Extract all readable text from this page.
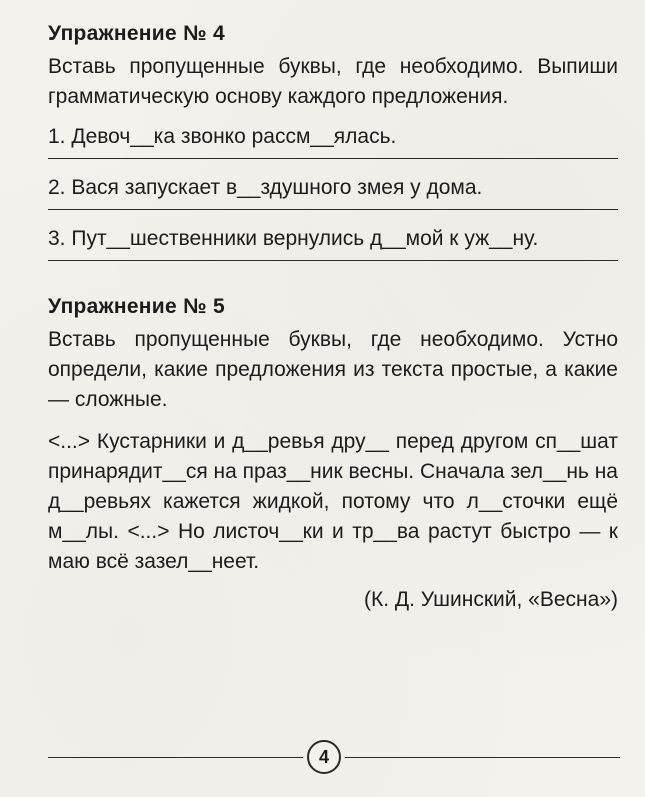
Упражнение № 4

Вставь пропущенные буквы, где необходимо. Выпиши грамматическую основу каждого предложения.

1. Девоч__ка звонко рассм__ялась.

2. Вася запускает в__здушного змея у дома.

3. Пут__шественники вернулись д__мой к уж__ну.

Упражнение № 5

Вставь пропущенные буквы, где необходимо. Устно определи, какие предложения из текста простые, а какие — сложные.

<...> Кустарники и д__ревья дру__ перед другом сп__шат принарядит__ся на праз__ник весны. Сначала зел__нь на д__ревьях кажется жидкой, потому что л__сточки ещё м__лы. <...> Но листоч__ки и тр__ва растут быстро — к маю всё зазел__неет.

(К. Д. Ушинский, «Весна»)

4
